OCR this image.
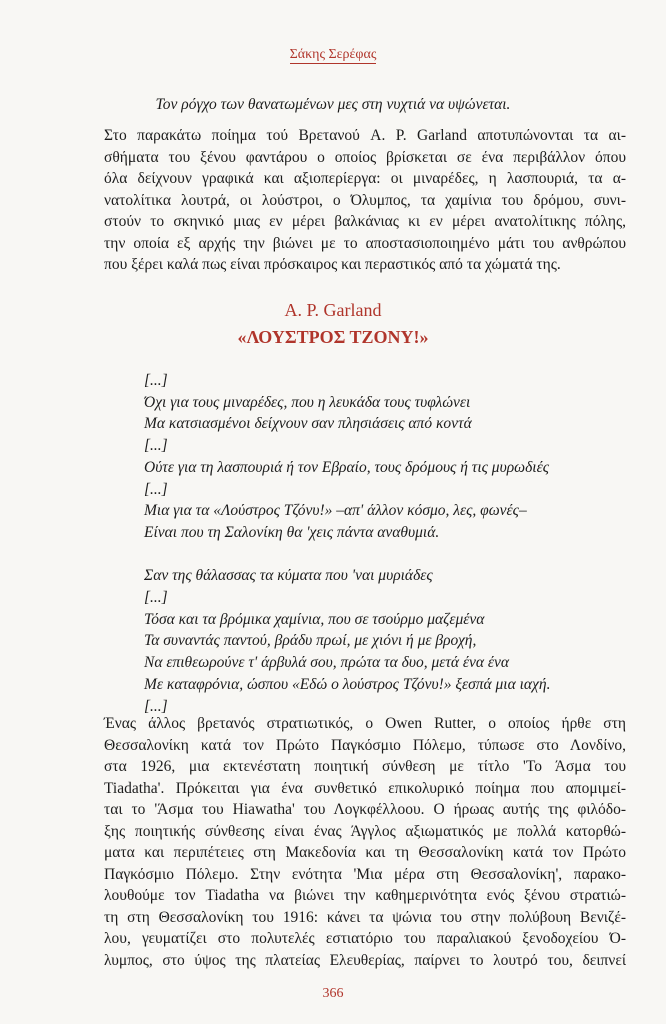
Σάκης Σερέφας
Τον ρόγχο των θανατωμένων μες στη νυχτιά να υψώνεται.
Στο παρακάτω ποίημα τού Βρετανού A. P. Garland αποτυπώνονται τα αι-
σθήματα του ξένου φαντάρου ο οποίος βρίσκεται σε ένα περιβάλλον όπου
όλα δείχνουν γραφικά και αξιοπερίεργα: οι μιναρέδες, η λασπουριά, τα α-
νατολίτικα λουτρά, οι λούστροι, ο Όλυμπος, τα χαμίνια του δρόμου, συνι-
στούν το σκηνικό μιας εν μέρει βαλκάνιας κι εν μέρει ανατολίτικης πόλης,
την οποία εξ αρχής την βιώνει με το αποστασιοποιημένο μάτι του ανθρώπου
που ξέρει καλά πως είναι πρόσκαιρος και περαστικός από τα χώματά της.
A. P. Garland
«ΛΟΥΣΤΡΟΣ ΤΖΟΝΥ!»
[...]
Όχι για τους μιναρέδες, που η λευκάδα τους τυφλώνει
Μα κατσιασμένοι δείχνουν σαν πλησιάσεις από κοντά
[...]
Ούτε για τη λασπουριά ή τον Εβραίο, τους δρόμους ή τις μυρωδιές
[...]
Μια για τα «Λούστρος Τζόνυ!» –απ' άλλον κόσμο, λες, φωνές–
Είναι που τη Σαλονίκη θα 'χεις πάντα αναθυμιά.
Σαν της θάλασσας τα κύματα που 'ναι μυριάδες
[...]
Τόσα και τα βρόμικα χαμίνια, που σε τσούρμο μαζεμένα
Τα συναντάς παντού, βράδυ πρωί, με χιόνι ή με βροχή,
Να επιθεωρούνε τ' άρβυλά σου, πρώτα τα δυο, μετά ένα ένα
Με καταφρόνια, ώσπου «Εδώ ο λούστρος Τζόνυ!» ξεσπά μια ιαχή.
[...]
Ένας άλλος βρετανός στρατιωτικός, ο Owen Rutter, ο οποίος ήρθε στη
Θεσσαλονίκη κατά τον Πρώτο Παγκόσμιο Πόλεμο, τύπωσε στο Λονδίνο,
στα 1926, μια εκτενέστατη ποιητική σύνθεση με τίτλο 'Το Άσμα του
Tiadatha'. Πρόκειται για ένα συνθετικό επικολυρικό ποίημα που απομιμεί-
ται το 'Άσμα του Hiawatha' του Λογκφέλλοου. Ο ήρωας αυτής της φιλόδο-
ξης ποιητικής σύνθεσης είναι ένας Άγγλος αξιωματικός με πολλά κατορθώ-
ματα και περιπέτειες στη Μακεδονία και τη Θεσσαλονίκη κατά τον Πρώτο
Παγκόσμιο Πόλεμο. Στην ενότητα 'Μια μέρα στη Θεσσαλονίκη', παρακο-
λουθούμε τον Tiadatha να βιώνει την καθημερινότητα ενός ξένου στρατιώ-
τη στη Θεσσαλονίκη του 1916: κάνει τα ψώνια του στην πολύβουη Βενιζέ-
λου, γευματίζει στο πολυτελές εστιατόριο του παραλιακού ξενοδοχείου Ό-
λυμπος, στο ύψος της πλατείας Ελευθερίας, παίρνει το λουτρό του, δειπνεί
366
